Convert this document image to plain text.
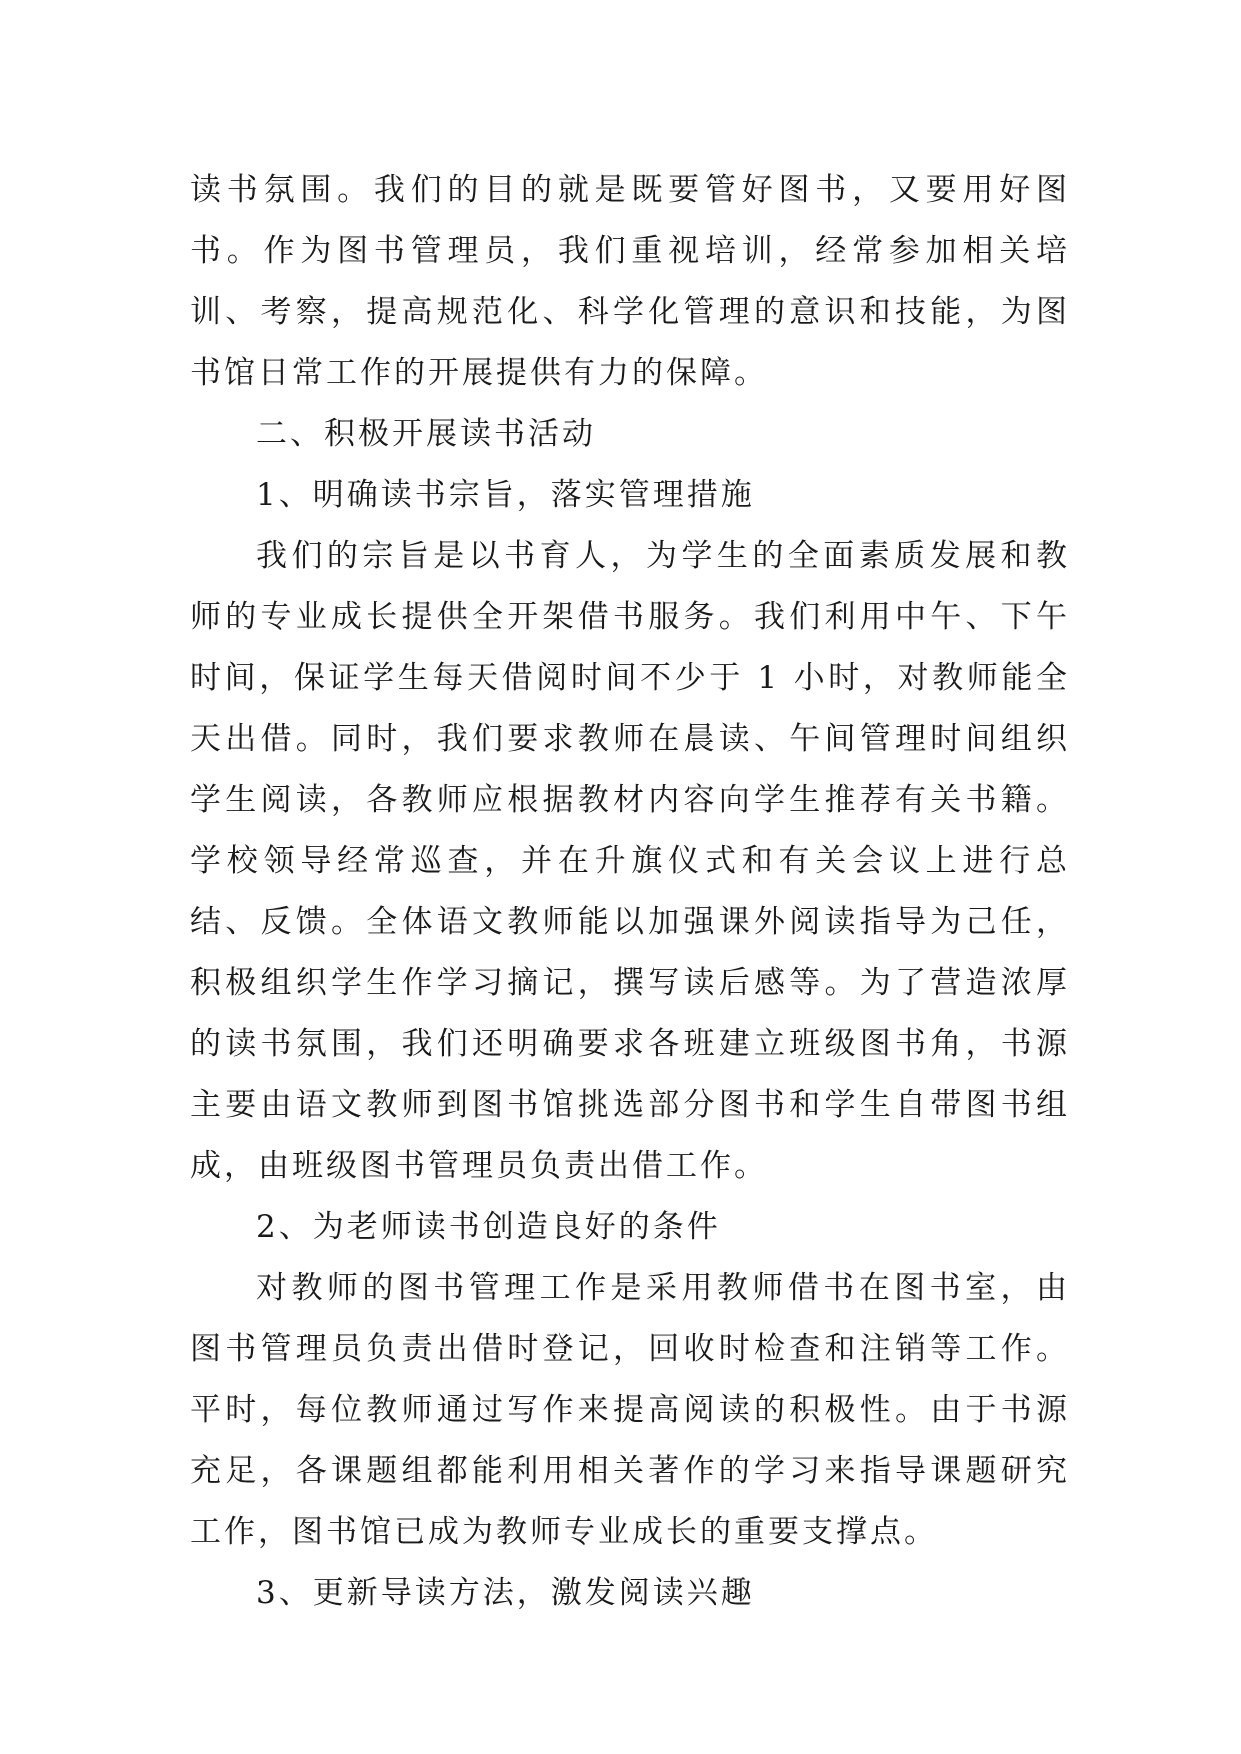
读书氛围。我们的目的就是既要管好图书，又要用好图书。作为图书管理员，我们重视培训，经常参加相关培训、考察，提高规范化、科学化管理的意识和技能，为图书馆日常工作的开展提供有力的保障。

二、积极开展读书活动

1、明确读书宗旨，落实管理措施

我们的宗旨是以书育人，为学生的全面素质发展和教师的专业成长提供全开架借书服务。我们利用中午、下午时间，保证学生每天借阅时间不少于 1 小时，对教师能全天出借。同时，我们要求教师在晨读、午间管理时间组织学生阅读，各教师应根据教材内容向学生推荐有关书籍。学校领导经常巡查，并在升旗仪式和有关会议上进行总结、反馈。全体语文教师能以加强课外阅读指导为己任，积极组织学生作学习摘记，撰写读后感等。为了营造浓厚的读书氛围，我们还明确要求各班建立班级图书角，书源主要由语文教师到图书馆挑选部分图书和学生自带图书组成，由班级图书管理员负责出借工作。

2、为老师读书创造良好的条件

对教师的图书管理工作是采用教师借书在图书室，由图书管理员负责出借时登记，回收时检查和注销等工作。平时，每位教师通过写作来提高阅读的积极性。由于书源充足，各课题组都能利用相关著作的学习来指导课题研究工作，图书馆已成为教师专业成长的重要支撑点。

3、更新导读方法，激发阅读兴趣
